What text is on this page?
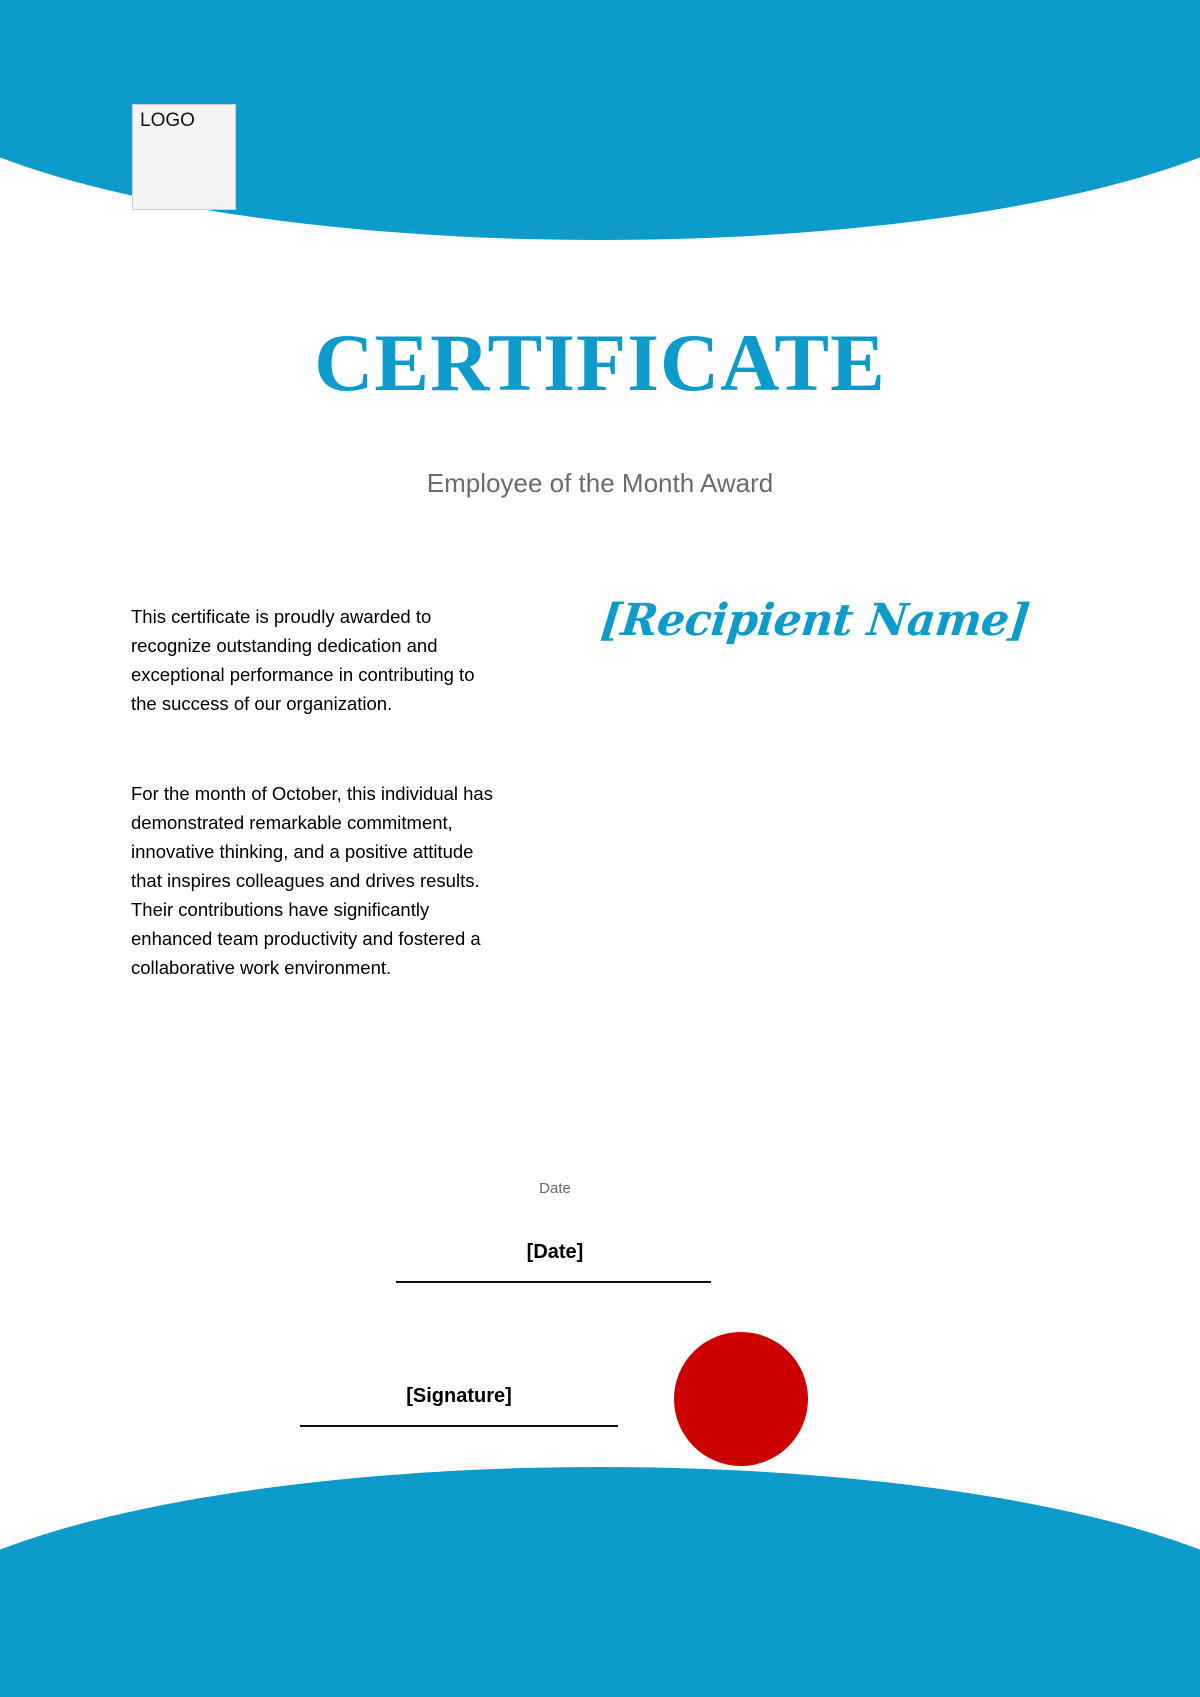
LOGO
CERTIFICATE
Employee of the Month Award

This certificate is proudly awarded to recognize outstanding dedication and exceptional performance in contributing to the success of our organization.

For the month of October, this individual has demonstrated remarkable commitment, innovative thinking, and a positive attitude that inspires colleagues and drives results. Their contributions have significantly enhanced team productivity and fostered a collaborative work environment.

[Recipient Name]
Date
[Date]
[Signature]
